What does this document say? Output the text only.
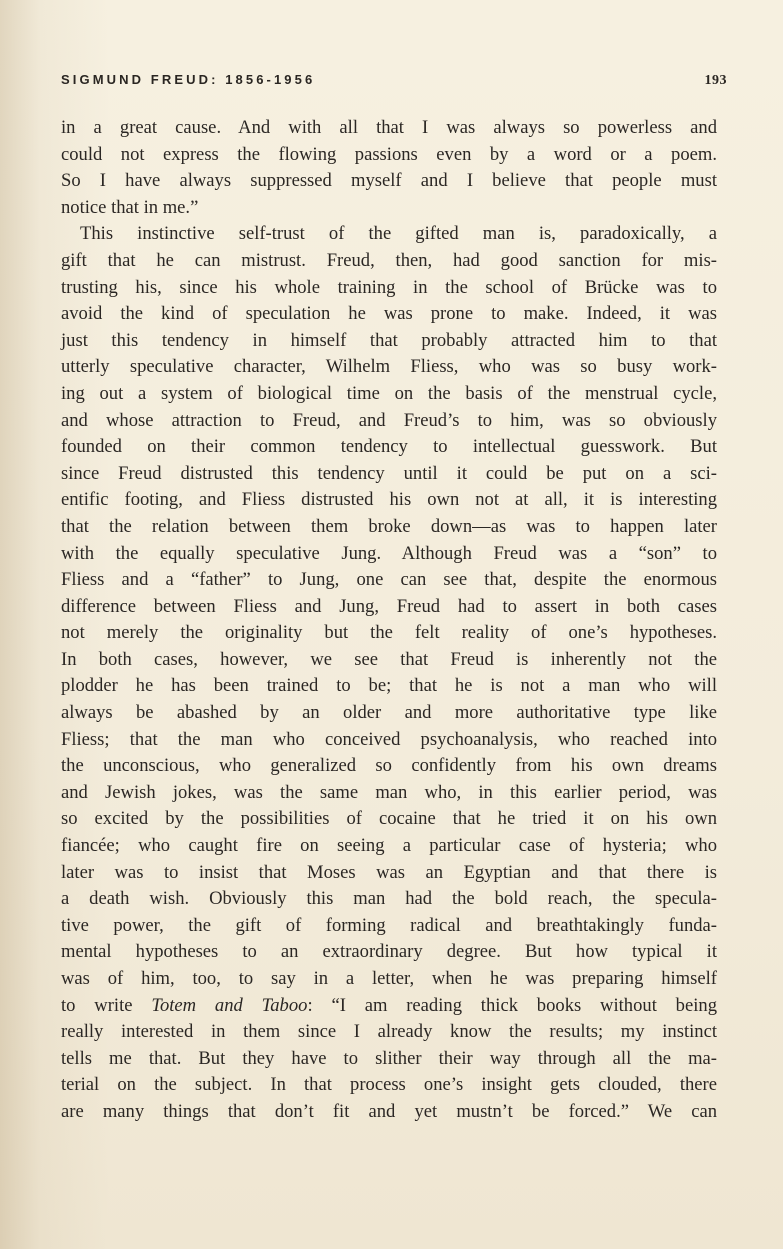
SIGMUND FREUD: 1856-1956	193
in a great cause. And with all that I was always so powerless and
could not express the flowing passions even by a word or a poem.
So I have always suppressed myself and I believe that people must
notice that in me.”
This instinctive self-trust of the gifted man is, paradoxically, a
gift that he can mistrust. Freud, then, had good sanction for mis-
trusting his, since his whole training in the school of Brücke was to
avoid the kind of speculation he was prone to make. Indeed, it was
just this tendency in himself that probably attracted him to that
utterly speculative character, Wilhelm Fliess, who was so busy work-
ing out a system of biological time on the basis of the menstrual cycle,
and whose attraction to Freud, and Freud’s to him, was so obviously
founded on their common tendency to intellectual guesswork. But
since Freud distrusted this tendency until it could be put on a sci-
entific footing, and Fliess distrusted his own not at all, it is interesting
that the relation between them broke down—as was to happen later
with the equally speculative Jung. Although Freud was a “son” to
Fliess and a “father” to Jung, one can see that, despite the enormous
difference between Fliess and Jung, Freud had to assert in both cases
not merely the originality but the felt reality of one’s hypotheses.
In both cases, however, we see that Freud is inherently not the
plodder he has been trained to be; that he is not a man who will
always be abashed by an older and more authoritative type like
Fliess; that the man who conceived psychoanalysis, who reached into
the unconscious, who generalized so confidently from his own dreams
and Jewish jokes, was the same man who, in this earlier period, was
so excited by the possibilities of cocaine that he tried it on his own
fiancée; who caught fire on seeing a particular case of hysteria; who
later was to insist that Moses was an Egyptian and that there is
a death wish. Obviously this man had the bold reach, the specula-
tive power, the gift of forming radical and breathtakingly funda-
mental hypotheses to an extraordinary degree. But how typical it
was of him, too, to say in a letter, when he was preparing himself
to write Totem and Taboo: “I am reading thick books without being
really interested in them since I already know the results; my instinct
tells me that. But they have to slither their way through all the ma-
terial on the subject. In that process one’s insight gets clouded, there
are many things that don’t fit and yet mustn’t be forced.” We can
